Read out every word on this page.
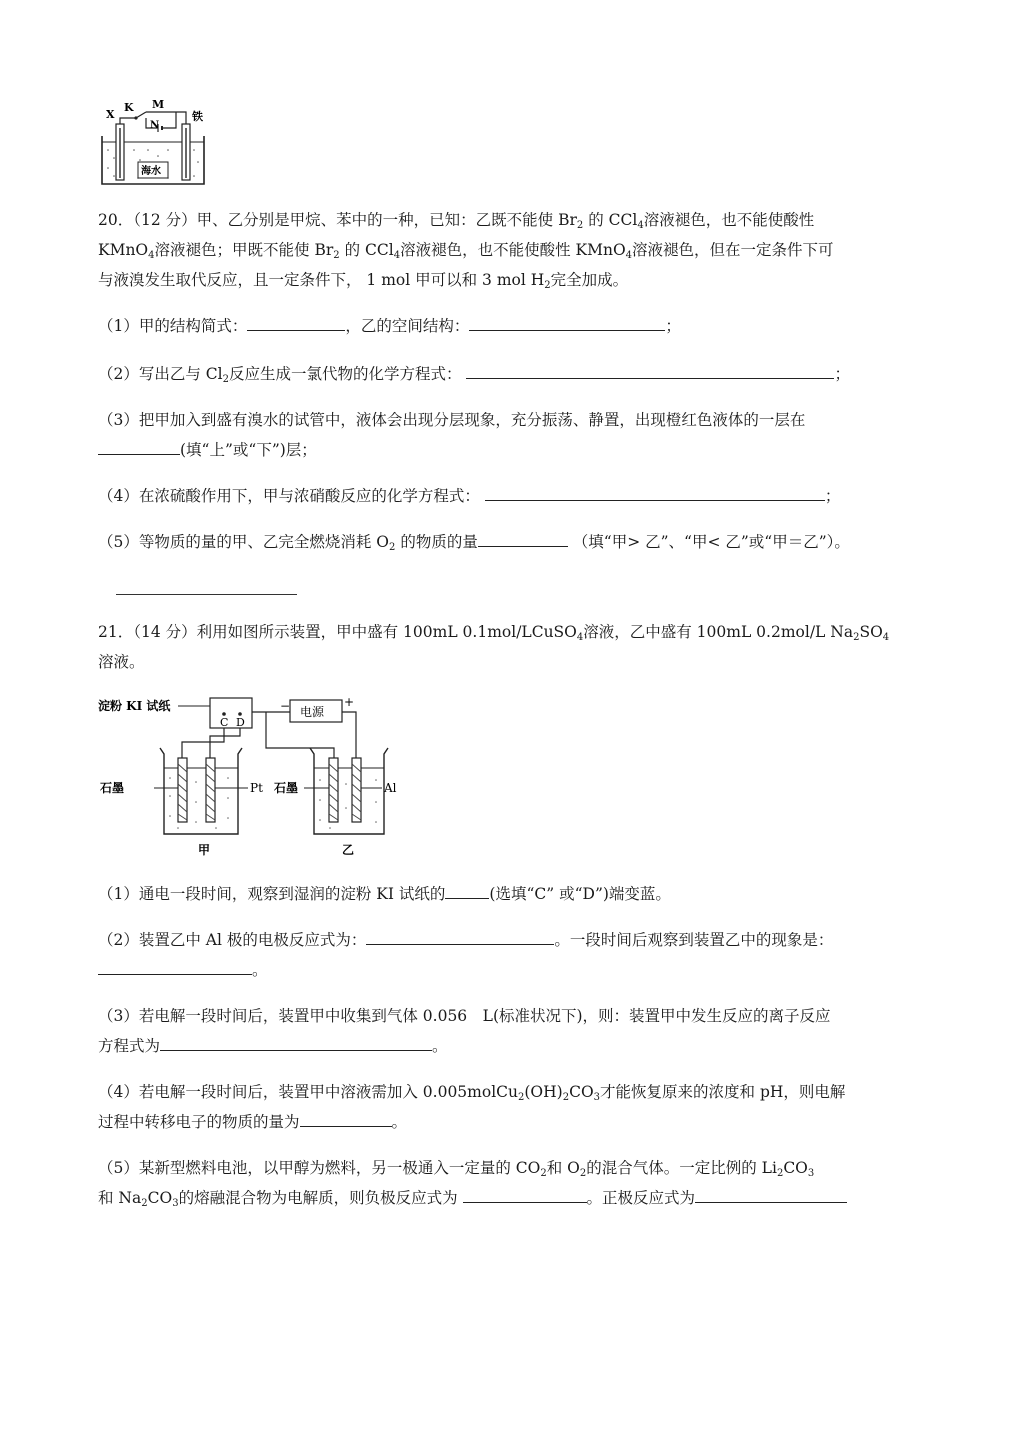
X
K M
N
铁
海水
20．（12 分）甲、乙分别是甲烷、苯中的一种，已知：乙既不能使 $Br_2$ 的 CCl$_4$溶液褪色，也不能使酸性
KMnO$_4$溶液褪色；甲既不能使 $Br_2$ 的 CCl$_4$溶液褪色，也不能使酸性 KMnO$_4$溶液褪色，但在一定条件下可
与液溴发生取代反应，且一定条件下， 1 mol 甲可以和 3 mol $H_2$完全加成。
（1）甲的结构简式：	，乙的空间结构：	；
（2）写出乙与 $Cl_2$反应生成一氯代物的化学方程式：	；
（3）把甲加入到盛有溴水的试管中，液体会出现分层现象，充分振荡、静置，出现橙红色液体的一层在
(填“上”或“下”)层；
（4）在浓硫酸作用下，甲与浓硝酸反应的化学方程式：	；
（5）等物质的量的甲、乙完全燃烧消耗 $O_2$ 的物质的量	（填“甲> 乙”、“甲< 乙”或“甲＝乙”）。
21．（14 分）利用如图所示装置，甲中盛有 100mL 0.1mol/LCuSO$_4$溶液，乙中盛有 100mL 0.2mol/L $Na_2SO_4$
溶液。
淀粉 KI 试纸
C D
−	+
电源
石墨	Pt 石墨	Al
甲	乙
（1）通电一段时间，观察到湿润的淀粉 KI 试纸的	(选填“C” 或“D”)端变蓝。
（2）装置乙中 Al 极的电极反应式为：	。一段时间后观察到装置乙中的现象是：
。
（3）若电解一段时间后，装置甲中收集到气体 0.056　L(标准状况下)，则：装置甲中发生反应的离子反应
方程式为	。
（4）若电解一段时间后，装置甲中溶液需加入 $0.005molCu_2(OH)_2CO_3$才能恢复原来的浓度和 pH，则电解
过程中转移电子的物质的量为	。
（5）某新型燃料电池，以甲醇为燃料，另一极通入一定量的 $CO_2$和 $O_2$的混合气体。一定比例的 $Li_2CO_3$
和 $Na_2CO_3$的熔融混合物为电解质，则负极反应式为	。正极反应式为
